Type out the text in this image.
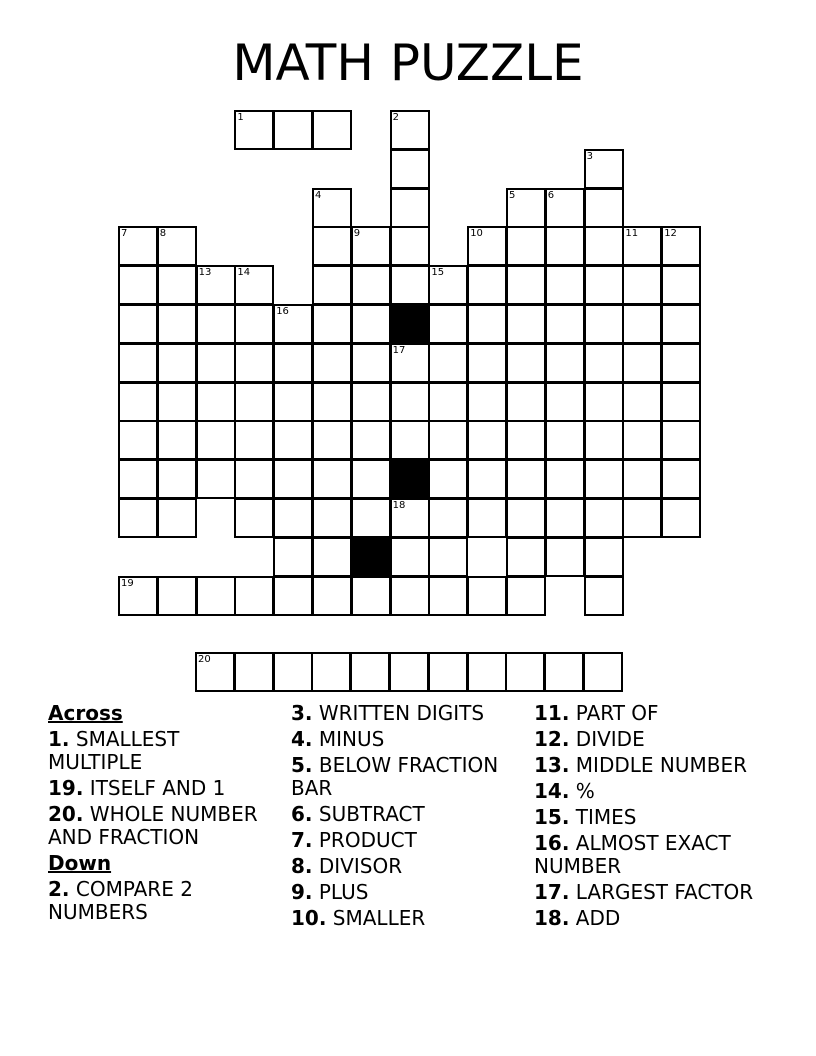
MATH PUZZLE
1	2
3
4	5	6
7	8	9	10	11	12
13	14	15
16
17
18
19
20
Across
1. SMALLEST MULTIPLE
19. ITSELF AND 1
20. WHOLE NUMBER AND FRACTION
Down
2. COMPARE 2 NUMBERS
3. WRITTEN DIGITS
4. MINUS
5. BELOW FRACTION BAR
6. SUBTRACT
7. PRODUCT
8. DIVISOR
9. PLUS
10. SMALLER
11. PART OF
12. DIVIDE
13. MIDDLE NUMBER
14. %
15. TIMES
16. ALMOST EXACT NUMBER
17. LARGEST FACTOR
18. ADD
